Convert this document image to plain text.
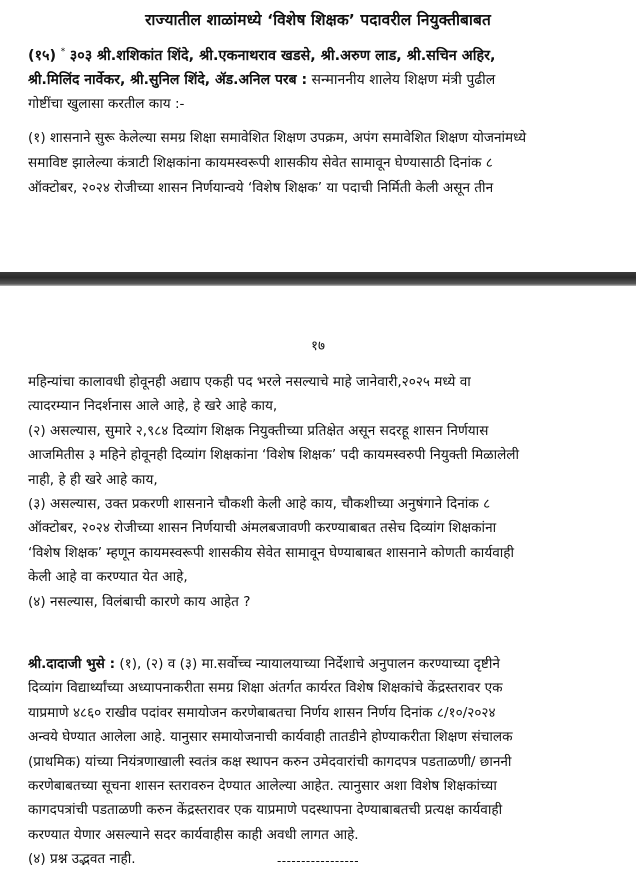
राज्यातील शाळांमध्ये ‘विशेष शिक्षक’ पदावरील नियुक्तीबाबत
(१५) * ३०३ श्री.शशिकांत शिंदे, श्री.एकनाथराव खडसे, श्री.अरुण लाड, श्री.सचिन अहिर,
श्री.मिलिंद नार्वेकर, श्री.सुनिल शिंदे, ॲड.अनिल परब : सन्माननीय शालेय शिक्षण मंत्री पुढील
गोष्टींचा खुलासा करतील काय :-
(१) शासनाने सुरू केलेल्या समग्र शिक्षा समावेशित शिक्षण उपक्रम, अपंग समावेशित शिक्षण योजनांमध्ये
समाविष्ट झालेल्या कंत्राटी शिक्षकांना कायमस्वरूपी शासकीय सेवेत सामावून घेण्यासाठी दिनांक ८
ऑक्टोबर, २०२४ रोजीच्या शासन निर्णयान्वये ‘विशेष शिक्षक’ या पदाची निर्मिती केली असून तीन
१७
महिन्यांचा कालावधी होवूनही अद्याप एकही पद भरले नसल्याचे माहे जानेवारी,२०२५ मध्ये वा
त्यादरम्यान निदर्शनास आले आहे, हे खरे आहे काय,
(२) असल्यास, सुमारे २,९८४ दिव्यांग शिक्षक नियुक्तीच्या प्रतिक्षेत असून सदरहू शासन निर्णयास
आजमितीस ३ महिने होवूनही दिव्यांग शिक्षकांना ‘विशेष शिक्षक’ पदी कायमस्वरुपी नियुक्ती मिळालेली
नाही, हे ही खरे आहे काय,
(३) असल्यास, उक्त प्रकरणी शासनाने चौकशी केली आहे काय, चौकशीच्या अनुषंगाने दिनांक ८
ऑक्टोबर, २०२४ रोजीच्या शासन निर्णयाची अंमलबजावणी करण्याबाबत तसेच दिव्यांग शिक्षकांना
‘विशेष शिक्षक’ म्हणून कायमस्वरूपी शासकीय सेवेत सामावून घेण्याबाबत शासनाने कोणती कार्यवाही
केली आहे वा करण्यात येत आहे,
(४) नसल्यास, विलंबाची कारणे काय आहेत ?
श्री.दादाजी भुसे : (१), (२) व (३) मा.सर्वोच्च न्यायालयाच्या निर्देशाचे अनुपालन करण्याच्या दृष्टीने
दिव्यांग विद्यार्थ्यांच्या अध्यापनाकरीता समग्र शिक्षा अंतर्गत कार्यरत विशेष शिक्षकांचे केंद्रस्तरावर एक
याप्रमाणे ४८६० राखीव पदांवर समायोजन करणेबाबतचा निर्णय शासन निर्णय दिनांक ८/१०/२०२४
अन्वये घेण्यात आलेला आहे. यानुसार समायोजनाची कार्यवाही तातडीने होण्याकरीता शिक्षण संचालक
(प्राथमिक) यांच्या नियंत्रणाखाली स्वतंत्र कक्ष स्थापन करुन उमेदवारांची कागदपत्र पडताळणी/ छाननी
करणेबाबतच्या सूचना शासन स्तरावरुन देण्यात आलेल्या आहेत. त्यानुसार अशा विशेष शिक्षकांच्या
कागदपत्रांची पडताळणी करुन केंद्रस्तरावर एक याप्रमाणे पदस्थापना देण्याबाबतची प्रत्यक्ष कार्यवाही
करण्यात येणार असल्याने सदर कार्यवाहीस काही अवधी लागत आहे.
(४) प्रश्न उद्भवत नाही.	-----------------
